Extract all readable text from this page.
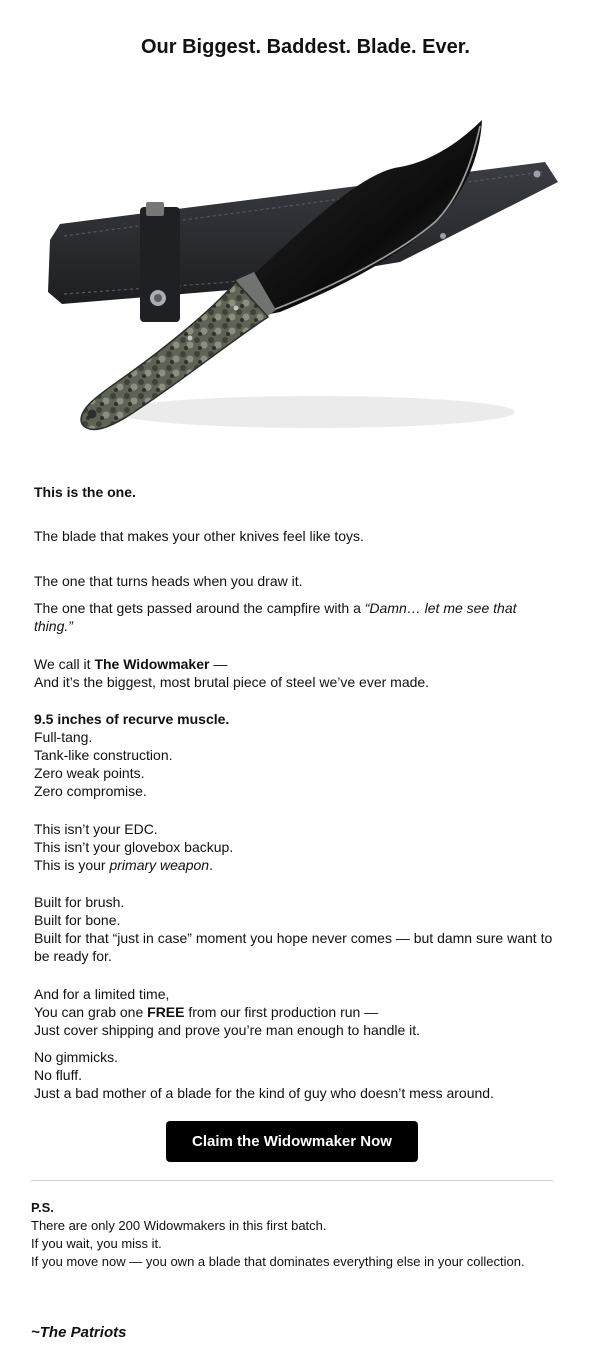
Our Biggest. Baddest. Blade. Ever.

This is the one.

The blade that makes your other knives feel like toys.

The one that turns heads when you draw it.

The one that gets passed around the campfire with a “Damn… let me see that thing.”

We call it The Widowmaker —
And it’s the biggest, most brutal piece of steel we’ve ever made.

9.5 inches of recurve muscle.
Full-tang.
Tank-like construction.
Zero weak points.
Zero compromise.

This isn’t your EDC.
This isn’t your glovebox backup.
This is your primary weapon.

Built for brush.
Built for bone.
Built for that “just in case” moment you hope never comes — but damn sure want to be ready for.

And for a limited time,
You can grab one FREE from our first production run —
Just cover shipping and prove you’re man enough to handle it.

No gimmicks.
No fluff.
Just a bad mother of a blade for the kind of guy who doesn’t mess around.

Claim the Widowmaker Now

P.S.
There are only 200 Widowmakers in this first batch.
If you wait, you miss it.
If you move now — you own a blade that dominates everything else in your collection.

~The Patriots
